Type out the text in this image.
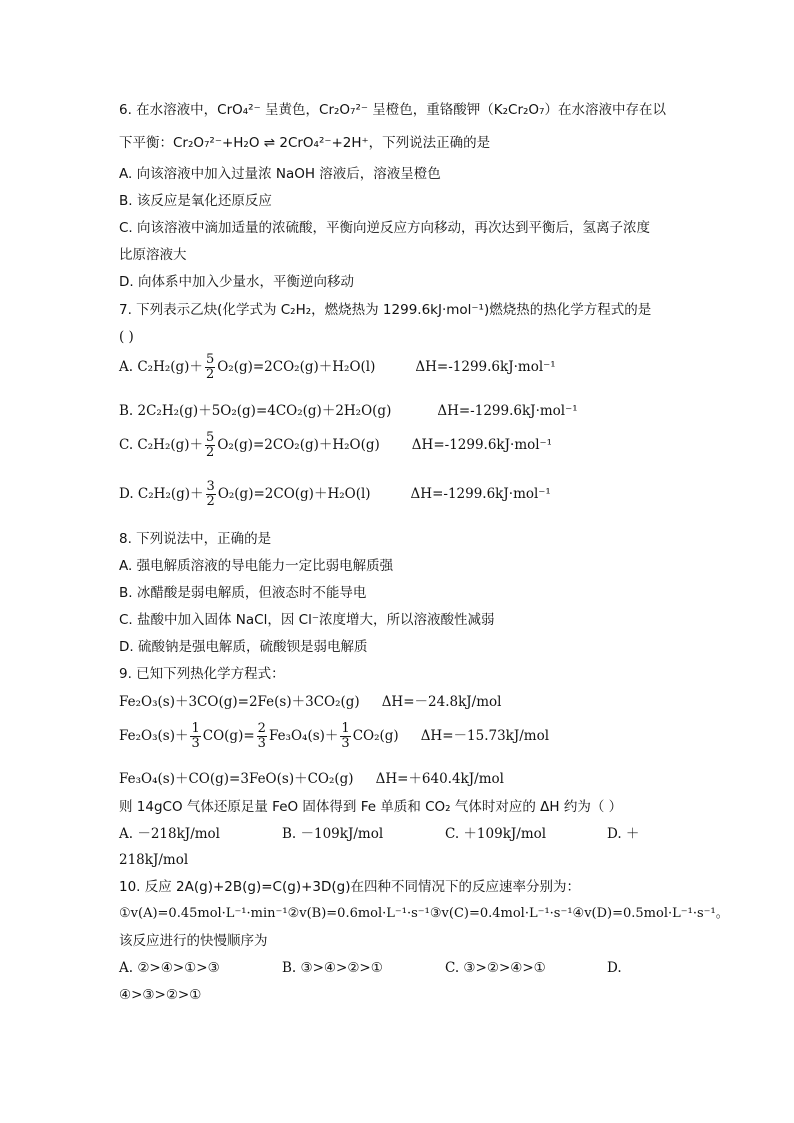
6. 在水溶液中，CrO₄²⁻ 呈黄色，Cr₂O₇²⁻ 呈橙色，重铬酸钾（K₂Cr₂O₇）在水溶液中存在以
下平衡：Cr₂O₇²⁻+H₂O ⇌ 2CrO₄²⁻+2H⁺，下列说法正确的是
A. 向该溶液中加入过量浓 NaOH 溶液后，溶液呈橙色
B. 该反应是氧化还原反应
C. 向该溶液中滴加适量的浓硫酸，平衡向逆反应方向移动，再次达到平衡后，氢离子浓度
比原溶液大
D. 向体系中加入少量水，平衡逆向移动
7. 下列表示乙炔(化学式为 C₂H₂，燃烧热为 1299.6kJ·mol⁻¹)燃烧热的热化学方程式的是
( )
A. $C_2H_2(g)+ \frac{5}{2} O_2(g)=2CO_2(g)+H_2O(l)$	ΔH=-1299.6kJ·mol⁻¹
B. 2C₂H₂(g)＋5O₂(g)=4CO₂(g)＋2H₂O(g)	ΔH=-1299.6kJ·mol⁻¹
C. $C_2H_2(g)+ \frac{5}{2} O_2(g)=2CO_2(g)+H_2O(g)$ ΔH=-1299.6kJ·mol⁻¹
D. $C_2H_2(g)+ \frac{3}{2} O_2(g)=2CO(g)+H_2O(l)$	ΔH=-1299.6kJ·mol⁻¹
8. 下列说法中，正确的是
A. 强电解质溶液的导电能力一定比弱电解质强
B. 冰醋酸是弱电解质，但液态时不能导电
C. 盐酸中加入固体 NaCl，因 Cl⁻浓度增大，所以溶液酸性减弱
D. 硫酸钠是强电解质，硫酸钡是弱电解质
9. 已知下列热化学方程式：
Fe₂O₃(s)＋3CO(g)=2Fe(s)＋3CO₂(g) ΔH=－24.8kJ/mol
$Fe_2O_3(s)+ \frac{1}{3} CO(g)= \frac{2}{3} Fe_3O_4(s)+ \frac{1}{3} CO_2(g)$ ΔH=－15.73kJ/mol
Fe₃O₄(s)＋CO(g)=3FeO(s)＋CO₂(g) ΔH=＋640.4kJ/mol
则 14gCO 气体还原足量 FeO 固体得到 Fe 单质和 CO₂ 气体时对应的 ΔH 约为（ ）
A. －218kJ/mol	B. －109kJ/mol	C. ＋109kJ/mol	D. ＋
218kJ/mol
10. 反应 2A(g)+2B(g)=C(g)+3D(g)在四种不同情况下的反应速率分别为：
①v(A)=0.45mol·L⁻¹·min⁻¹②v(B)=0.6mol·L⁻¹·s⁻¹③v(C)=0.4mol·L⁻¹·s⁻¹④v(D)=0.5mol·L⁻¹·s⁻¹。
该反应进行的快慢顺序为
A. ②>④>①>③	B. ③>④>②>①	C. ③>②>④>①	D.
④>③>②>①
